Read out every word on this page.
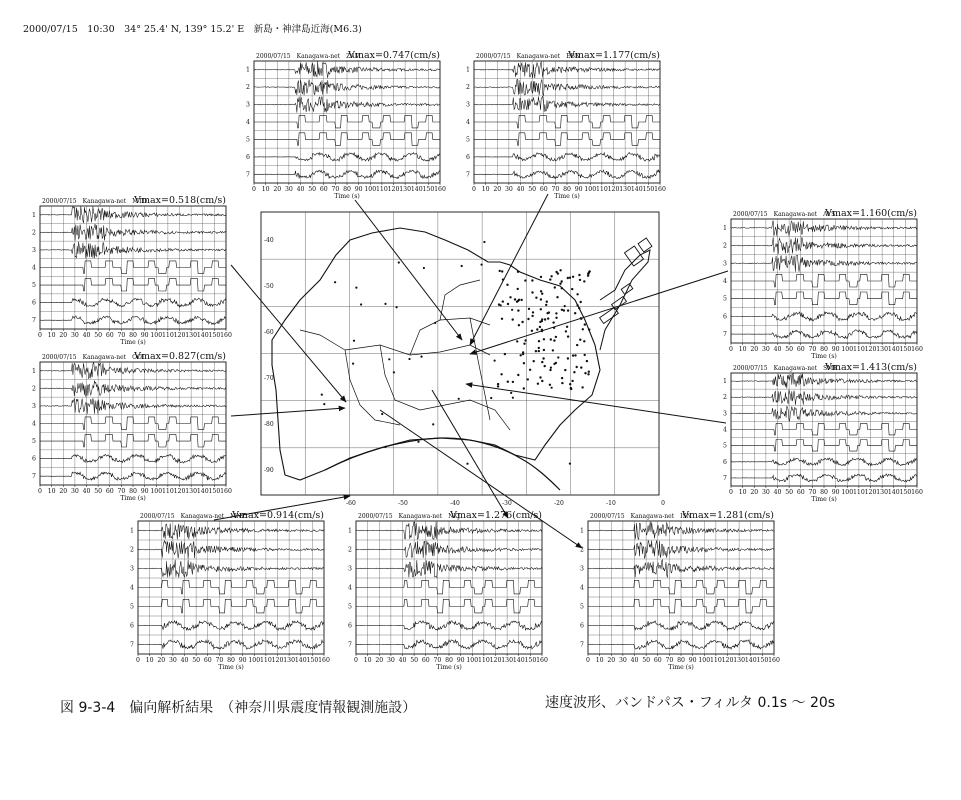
2000/07/15　10:30　34° 25.4' N, 139° 15.2' E　新島・神津島近海(M6.3)
-40
-50
-60
-70
-80
-90
-60	-50	-40	-30	-20	-10	0
2000/07/15　Kanagawa-net　ZAM
Vmax=0.747(cm/s)
1
2
3
4
5
6
7
0 10 20 30 40 50 60 70 80 90 100 110 120 130 140 150 160
Time (s)
2000/07/15　Kanagawa-net　EBN
Vmax=1.177(cm/s)
1
2
3
4
5
6
7
0 10 20 30 40 50 60 70 80 90 100 110 120 130 140 150 160
Time (s)
2000/07/15　Kanagawa-net　MTD
Vmax=0.518(cm/s)
1
2
3
4
5
6
7
0 10 20 30 40 50 60 70 80 90 100 110 120 130 140 150 160
Time (s)
2000/07/15　Kanagawa-net　OOI
Vmax=0.827(cm/s)
1
2
3
4
5
6
7
0 10 20 30 40 50 60 70 80 90 100 110 120 130 140 150 160
Time (s)
2000/07/15　Kanagawa-net　AYS
Vmax=1.160(cm/s)
1
2
3
4
5
6
7
0 10 20 30 40 50 60 70 80 90 100 110 120 130 140 150 160
Time (s)
2000/07/15　Kanagawa-net　SMK
Vmax=1.413(cm/s)
1
2
3
4
5
6
7
0 10 20 30 40 50 60 70 80 90 100 110 120 130 140 150 160
Time (s)
2000/07/15　Kanagawa-net　MNZ
Vmax=0.914(cm/s)
1
2
3
4
5
6
7
0 10 20 30 40 50 60 70 80 90 100 110 120 130 140 150 160
Time (s)
2000/07/15　Kanagawa-net　NKJ
Vmax=1.276(cm/s)
1
2
3
4
5
6
7
0 10 20 30 40 50 60 70 80 90 100 110 120 130 140 150 160
Time (s)
2000/07/15　Kanagawa-net　ISN
Vmax=1.281(cm/s)
1
2
3
4
5
6
7
0 10 20 30 40 50 60 70 80 90 100 110 120 130 140 150 160
Time (s)
図 9-3-4　偏向解析結果　（神奈川県震度情報観測施設）	速度波形、バンドパス・フィルタ 0.1s ～ 20s
